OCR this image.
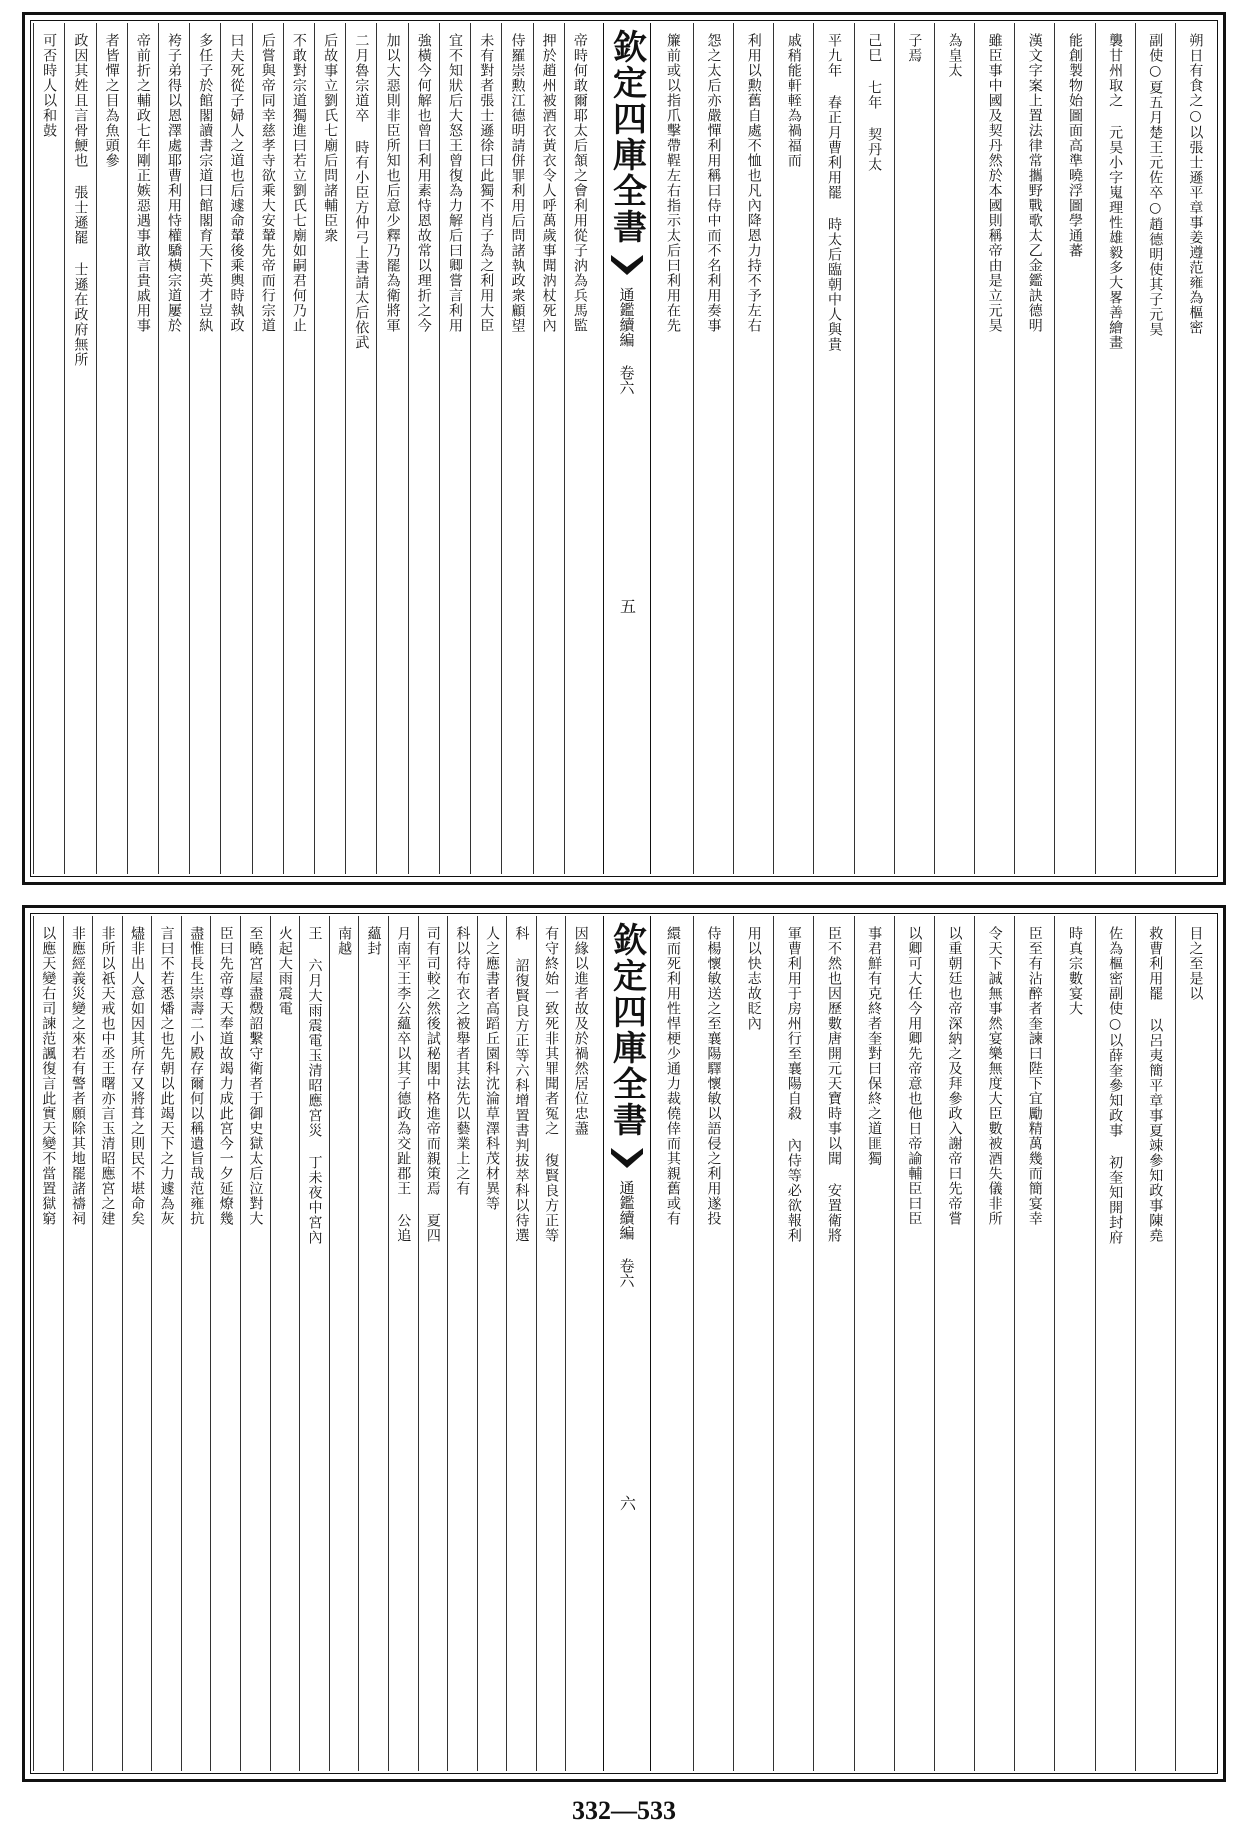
朔日有食之○以張士遜平章事姜遵范雍為樞密
副使○夏五月楚王元佐卒○趙德明使其子元昊
襲甘州取之 元昊小字嵬理性雄毅多大畧善繪畫
能創製物始圖面高準曉浮圖學通蕃
漢文字案上置法律常攜野戰歌太乙金鑑訣德明
雖臣事中國及契丹然於本國則稱帝由是立元昊
為皇太
子焉
己巳 七年 契丹太
平九年 春正月曹利用罷 時太后臨朝中人與貴
戚稍能軒輊為禍福而
利用以勲舊自處不恤也凡內降恩力持不予左右
怨之太后亦嚴憚利用稱曰侍中而不名利用奏事
簾前或以指爪擊帶鞓左右指示太后曰利用在先
欽定四庫全書
通鑑續編 卷六
五
帝時何敢爾耶太后頷之會利用從子汭為兵馬監
押於趙州被酒衣黃衣令人呼萬歲事聞汭杖死內
侍羅崇勲江德明請併罪利用后問諸執政衆顧望
未有對者張士遜徐曰此獨不肖子為之利用大臣
宜不知狀后大怒王曾復為力解后曰卿嘗言利用
強橫今何解也曾曰利用素恃恩故常以理折之今
加以大惡則非臣所知也后意少釋乃罷為衛將軍
二月魯宗道卒 時有小臣方仲弓上書請太后依武
后故事立劉氏七廟后問諸輔臣衆
不敢對宗道獨進曰若立劉氏七廟如嗣君何乃止
后嘗與帝同幸慈孝寺欲乘大安輦先帝而行宗道
曰夫死從子婦人之道也后遽命輦後乘輿時執政
多任子於館閣讀書宗道曰館閣育天下英才豈紈
袴子弟得以恩澤處耶曹利用恃權驕橫宗道屢於
帝前折之輔政七年剛正嫉惡遇事敢言貴戚用事
者皆憚之目為魚頭參
政因其姓且言骨鯁也 張士遜罷 士遜在政府無所
可否時人以和鼓
目之至是以
救曹利用罷 以呂夷簡平章事夏竦參知政事陳堯
佐為樞密副使○以薛奎參知政事 初奎知開封府
時真宗數宴大
臣至有沾醉者奎諫曰陛下宜勵精萬幾而簡宴幸
令天下誠無事然宴樂無度大臣數被酒失儀非所
以重朝廷也帝深納之及拜參政入謝帝曰先帝嘗
以卿可大任今用卿先帝意也他日帝諭輔臣曰臣
事君鮮有克終者奎對曰保終之道匪獨
臣不然也因歷數唐開元天寶時事以聞 安置衛將
軍曹利用于房州行至襄陽自殺 內侍等必欲報利
用以快志故眨內
侍楊懷敏送之至襄陽驛懷敏以語侵之利用遂投
繯而死利用性悍梗少通力裁僥倖而其親舊或有
欽定四庫全書
通鑑續編 卷六
六
因緣以進者故及於禍然居位忠藎
有守終始一致死非其罪聞者冤之 復賢良方正等
科 詔復賢良方正等六科增置書判拔萃科以待選
人之應書者高蹈丘園科沈淪草澤科茂材異等
科以待布衣之被舉者其法先以藝業上之有
司有司較之然後試秘閣中格進帝而親策焉 夏四
月南平王李公蘊卒以其子德政為交趾郡王 公追
蘊封
南越
王 六月大雨震電玉清昭應宮災 丁未夜中宮內
火起大雨震電
至曉宮屋盡燬詔繫守衛者于御史獄太后泣對大
臣曰先帝尊天奉道故竭力成此宮今一夕延燎幾
盡惟長生崇壽二小殿存爾何以稱遺旨哉范雍抗
言曰不若悉燔之也先朝以此竭天下之力遽為灰
燼非出人意如因其所存又將葺之則民不堪命矣
非所以祇天戒也中丞王曙亦言玉清昭應宮之建
非應經義災變之來若有警者願除其地罷諸禱祠
以應天變右司諫范諷復言此實天變不當置獄窮
332—533
